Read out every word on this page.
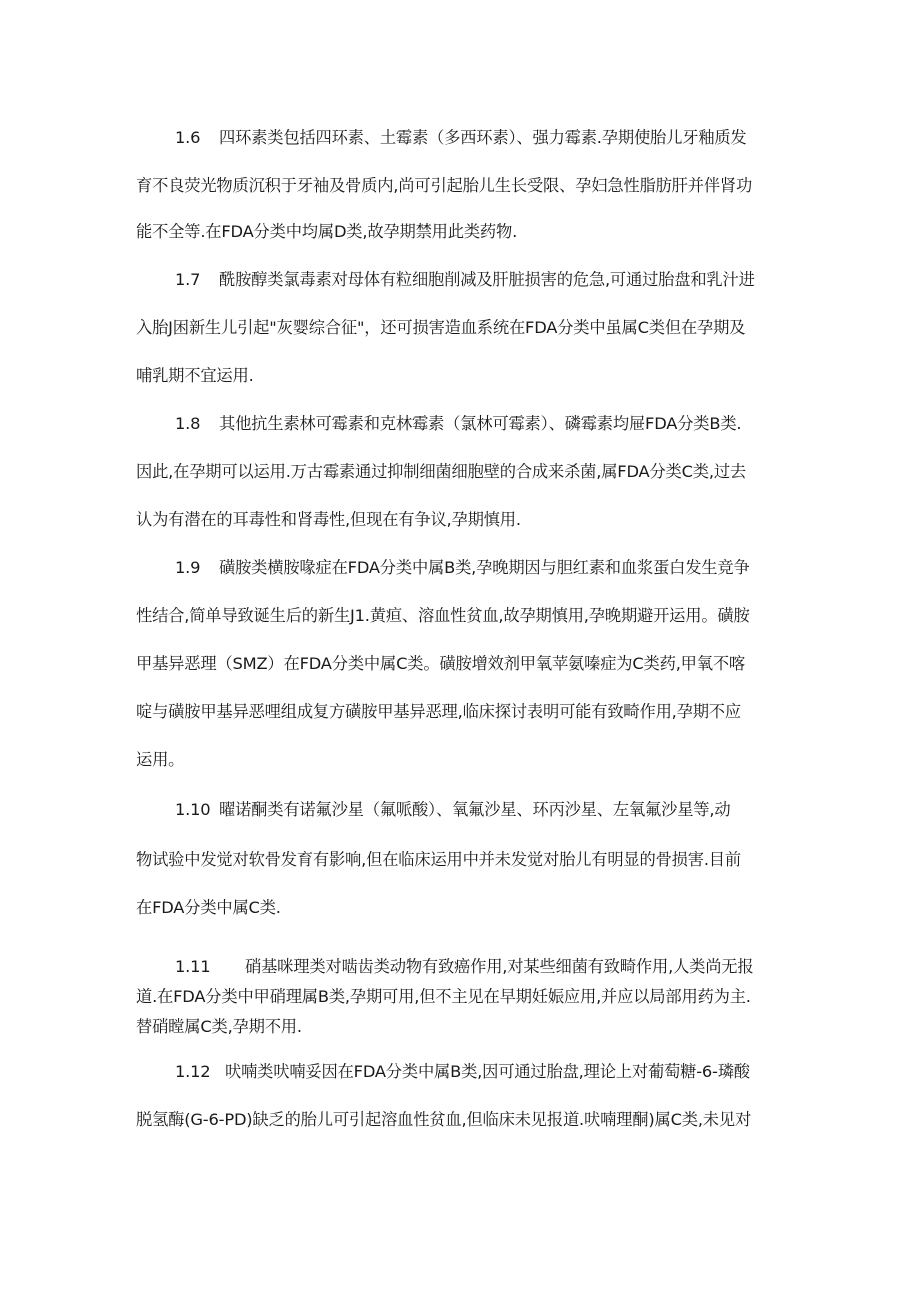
1.6 四环素类包括四环素、土霉素（多西环素）、强力霉素.孕期使胎儿牙釉质发
育不良荧光物质沉积于牙袖及骨质内,尚可引起胎儿生长受限、孕妇急性脂肪肝并伴肾功
能不全等.在FDA分类中均属D类,故孕期禁用此类药物.
1.7 酰胺醇类氯毒素对母体有粒细胞削减及肝脏损害的危急,可通过胎盘和乳汁进
入胎J困新生儿引起"灰婴综合征"，还可损害造血系统在FDA分类中虽属C类但在孕期及
哺乳期不宜运用.
1.8 其他抗生素林可霉素和克林霉素（氯林可霉素）、磷霉素均屉FDA分类B类.
因此,在孕期可以运用.万古霉素通过抑制细菌细胞壁的合成来杀菌,属FDA分类C类,过去
认为有潜在的耳毒性和肾毒性,但现在有争议,孕期慎用.
1.9 磺胺类横胺喙症在FDA分类中属B类,孕晚期因与胆红素和血浆蛋白发生竞争
性结合,简单导致诞生后的新生J1.黄疸、溶血性贫血,故孕期慎用,孕晚期避开运用。磺胺
甲基异恶理（SMZ）在FDA分类中属C类。磺胺增效剂甲氧苹氨嗪症为C类药,甲氧不喀
啶与磺胺甲基异恶哩组成复方磺胺甲基异恶理,临床探讨表明可能有致畸作用,孕期不应
运用。
1.10 曜诺酮类有诺氟沙星（氟哌酸）、氧氟沙星、环丙沙星、左氧氟沙星等,动
物试验中发觉对软骨发育有影响,但在临床运用中并未发觉对胎儿有明显的骨损害.目前
在FDA分类中属C类.
1.11 硝基咪理类对啮齿类动物有致癌作用,对某些细菌有致畸作用,人类尚无报
道.在FDA分类中甲硝理属B类,孕期可用,但不主见在早期妊娠应用,并应以局部用药为主.
替硝瞠属C类,孕期不用.
1.12 吠喃类吠喃妥因在FDA分类中属B类,因可通过胎盘,理论上对葡萄糖-6-璘酸
脱氢酶(G-6-PD)缺乏的胎儿可引起溶血性贫血,但临床未见报道.吠喃理酮)属C类,未见对
